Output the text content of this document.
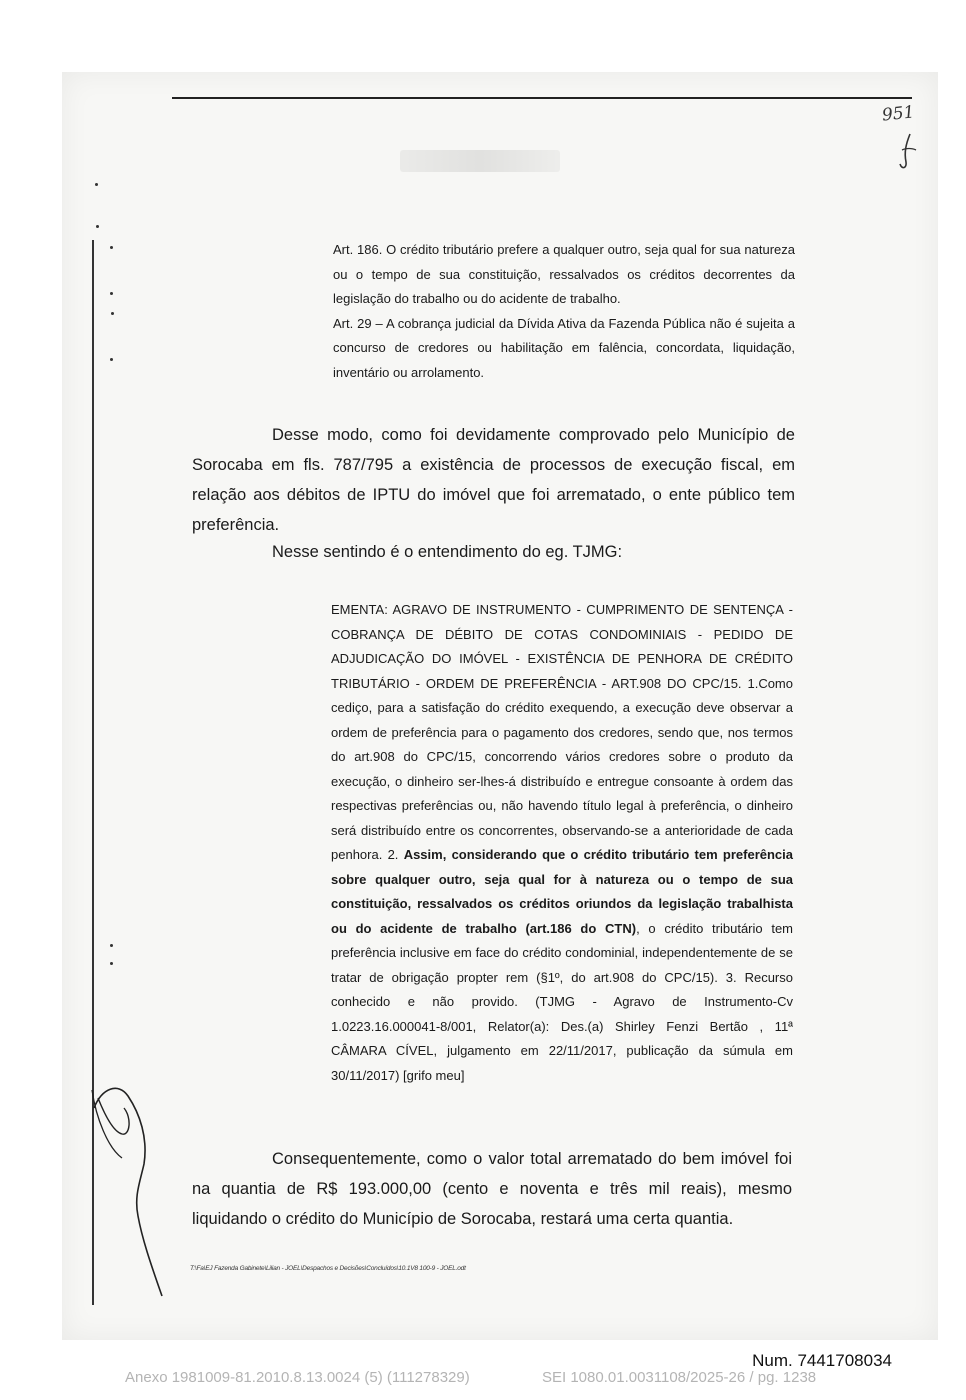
951
Art. 186. O crédito tributário prefere a qualquer outro, seja qual for sua natureza ou o tempo de sua constituição, ressalvados os créditos decorrentes da legislação do trabalho ou do acidente de trabalho.
Art. 29 – A cobrança judicial da Dívida Ativa da Fazenda Pública não é sujeita a concurso de credores ou habilitação em falência, concordata, liquidação, inventário ou arrolamento.

Desse modo, como foi devidamente comprovado pelo Município de Sorocaba em fls. 787/795 a existência de processos de execução fiscal, em relação aos débitos de IPTU do imóvel que foi arrematado, o ente público tem preferência.

Nesse sentindo é o entendimento do eg. TJMG:

EMENTA: AGRAVO DE INSTRUMENTO - CUMPRIMENTO DE SENTENÇA - COBRANÇA DE DÉBITO DE COTAS CONDOMINIAIS - PEDIDO DE ADJUDICAÇÃO DO IMÓVEL - EXISTÊNCIA DE PENHORA DE CRÉDITO TRIBUTÁRIO - ORDEM DE PREFERÊNCIA - ART.908 DO CPC/15. 1.Como cediço, para a satisfação do crédito exequendo, a execução deve observar a ordem de preferência para o pagamento dos credores, sendo que, nos termos do art.908 do CPC/15, concorrendo vários credores sobre o produto da execução, o dinheiro ser-lhes-á distribuído e entregue consoante à ordem das respectivas preferências ou, não havendo título legal à preferência, o dinheiro será distribuído entre os concorrentes, observando-se a anterioridade de cada penhora. 2. Assim, considerando que o crédito tributário tem preferência sobre qualquer outro, seja qual for à natureza ou o tempo de sua constituição, ressalvados os créditos oriundos da legislação trabalhista ou do acidente de trabalho (art.186 do CTN), o crédito tributário tem preferência inclusive em face do crédito condominial, independentemente de se tratar de obrigação propter rem (§1º, do art.908 do CPC/15). 3. Recurso conhecido e não provido. (TJMG - Agravo de Instrumento-Cv 1.0223.16.000041-8/001, Relator(a): Des.(a) Shirley Fenzi Bertão , 11ª CÂMARA CÍVEL, julgamento em 22/11/2017, publicação da súmula em 30/11/2017) [grifo meu]

Consequentemente, como o valor total arrematado do bem imóvel foi na quantia de R$ 193.000,00 (cento e noventa e três mil reais), mesmo liquidando o crédito do Município de Sorocaba, restará uma certa quantia.

T:\Fa\EJ Fazenda Gabinete\Lilian - JOEL\Despachos e Decisões\Concluídos\10.1V8 100-9 - JOEL.odt
Num. 7441708034
Anexo 1981009-81.2010.8.13.0024 (5) (111278329)	SEI 1080.01.0031108/2025-26 / pg. 1238
